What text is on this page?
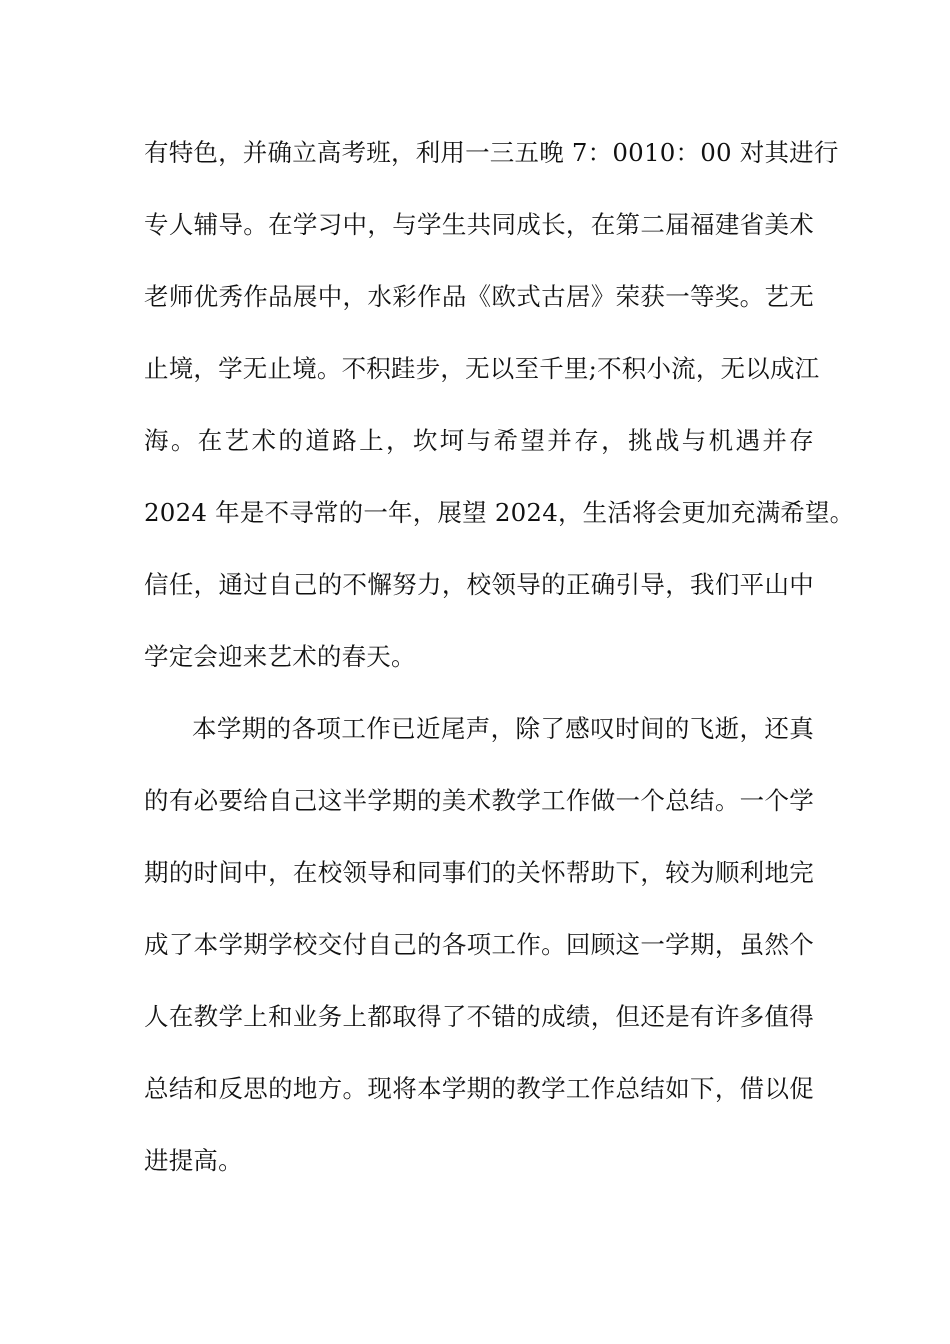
有特色，并确立高考班，利用一三五晚 7：0010：00 对其进行
专人辅导。在学习中，与学生共同成长，在第二届福建省美术
老师优秀作品展中，水彩作品《欧式古居》荣获一等奖。艺无
止境，学无止境。不积跬步，无以至千里;不积小流，无以成江
海。在艺术的道路上，坎坷与希望并存，挑战与机遇并存
2024 年是不寻常的一年，展望 2024，生活将会更加充满希望。
信任，通过自己的不懈努力，校领导的正确引导，我们平山中
学定会迎来艺术的春天。
本学期的各项工作已近尾声，除了感叹时间的飞逝，还真
的有必要给自己这半学期的美术教学工作做一个总结。一个学
期的时间中，在校领导和同事们的关怀帮助下，较为顺利地完
成了本学期学校交付自己的各项工作。回顾这一学期，虽然个
人在教学上和业务上都取得了不错的成绩，但还是有许多值得
总结和反思的地方。现将本学期的教学工作总结如下，借以促
进提高。
